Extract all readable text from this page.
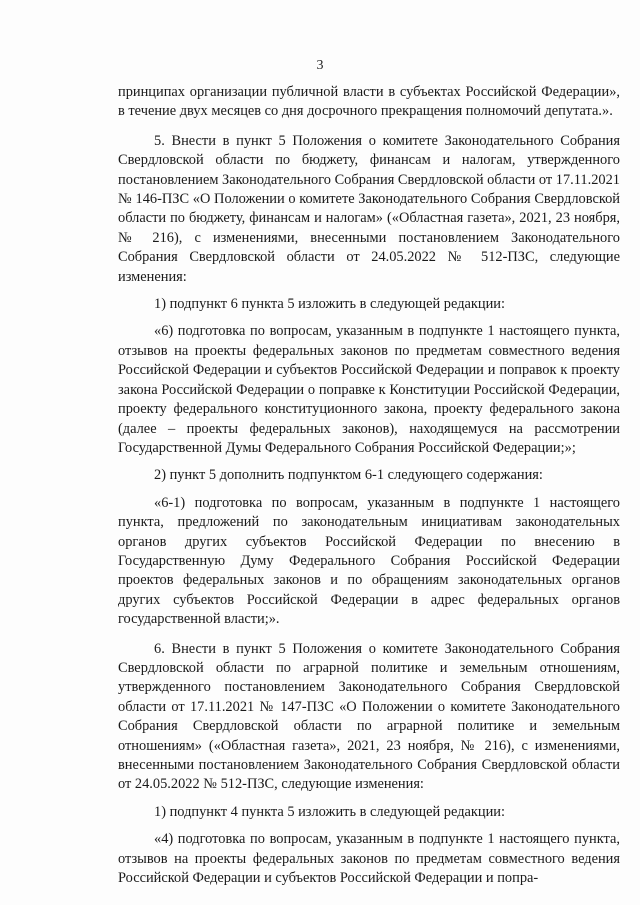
3

принципах организации публичной власти в субъектах Российской Федерации», в течение двух месяцев со дня досрочного прекращения полномочий депутата.».

5. Внести в пункт 5 Положения о комитете Законодательного Собрания Свердловской области по бюджету, финансам и налогам, утвержденного постановлением Законодательного Собрания Свердловской области от 17.11.2021 № 146-ПЗС «О Положении о комитете Законодательного Собрания Свердловской области по бюджету, финансам и налогам» («Областная газета», 2021, 23 ноября, № 216), с изменениями, внесенными постановлением Законодательного Собрания Свердловской области от 24.05.2022 № 512-ПЗС, следующие изменения:

1) подпункт 6 пункта 5 изложить в следующей редакции:

«6) подготовка по вопросам, указанным в подпункте 1 настоящего пункта, отзывов на проекты федеральных законов по предметам совместного ведения Российской Федерации и субъектов Российской Федерации и поправок к проекту закона Российской Федерации о поправке к Конституции Российской Федерации, проекту федерального конституционного закона, проекту федерального закона (далее – проекты федеральных законов), находящемуся на рассмотрении Государственной Думы Федерального Собрания Российской Федерации;»;

2) пункт 5 дополнить подпунктом 6-1 следующего содержания:

«6-1) подготовка по вопросам, указанным в подпункте 1 настоящего пункта, предложений по законодательным инициативам законодательных органов других субъектов Российской Федерации по внесению в Государственную Думу Федерального Собрания Российской Федерации проектов федеральных законов и по обращениям законодательных органов других субъектов Российской Федерации в адрес федеральных органов государственной власти;».

6. Внести в пункт 5 Положения о комитете Законодательного Собрания Свердловской области по аграрной политике и земельным отношениям, утвержденного постановлением Законодательного Собрания Свердловской области от 17.11.2021 № 147-ПЗС «О Положении о комитете Законодательного Собрания Свердловской области по аграрной политике и земельным отношениям» («Областная газета», 2021, 23 ноября, № 216), с изменениями, внесенными постановлением Законодательного Собрания Свердловской области от 24.05.2022 № 512-ПЗС, следующие изменения:

1) подпункт 4 пункта 5 изложить в следующей редакции:

«4) подготовка по вопросам, указанным в подпункте 1 настоящего пункта, отзывов на проекты федеральных законов по предметам совместного ведения Российской Федерации и субъектов Российской Федерации и попра-
